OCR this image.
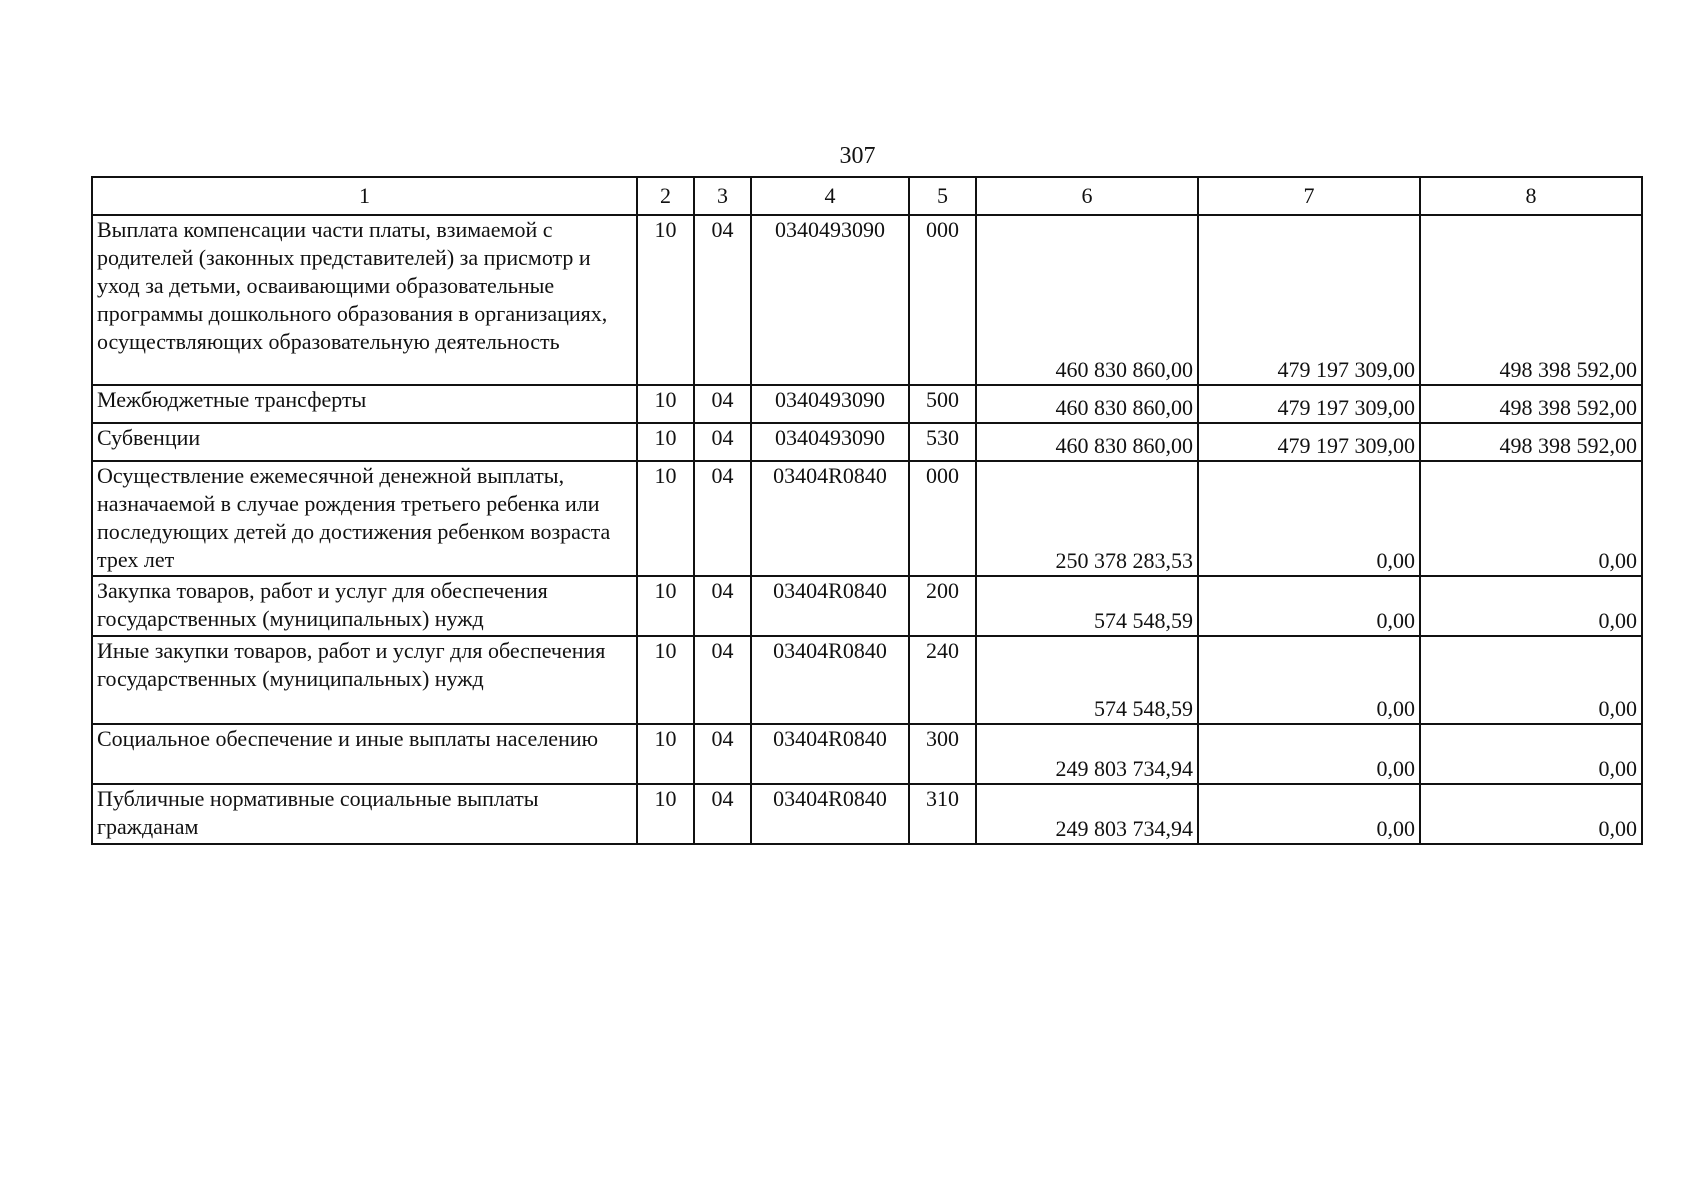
307
1	2	3	4	5	6	7	8
Выплата компенсации части платы, взимаемой с родителей (законных представителей) за присмотр и уход за детьми, осваивающими образовательные программы дошкольного образования в организациях, осуществляющих образовательную деятельность	10	04	0340493090	000	460 830 860,00	479 197 309,00	498 398 592,00
Межбюджетные трансферты	10	04	0340493090	500	460 830 860,00	479 197 309,00	498 398 592,00
Субвенции	10	04	0340493090	530	460 830 860,00	479 197 309,00	498 398 592,00
Осуществление ежемесячной денежной выплаты, назначаемой в случае рождения третьего ребенка или последующих детей до достижения ребенком возраста трех лет	10	04	03404R0840	000	250 378 283,53	0,00	0,00
Закупка товаров, работ и услуг для обеспечения государственных (муниципальных) нужд	10	04	03404R0840	200	574 548,59	0,00	0,00
Иные закупки товаров, работ и услуг для обеспечения государственных (муниципальных) нужд	10	04	03404R0840	240	574 548,59	0,00	0,00
Социальное обеспечение и иные выплаты населению	10	04	03404R0840	300	249 803 734,94	0,00	0,00
Публичные нормативные социальные выплаты гражданам	10	04	03404R0840	310	249 803 734,94	0,00	0,00
